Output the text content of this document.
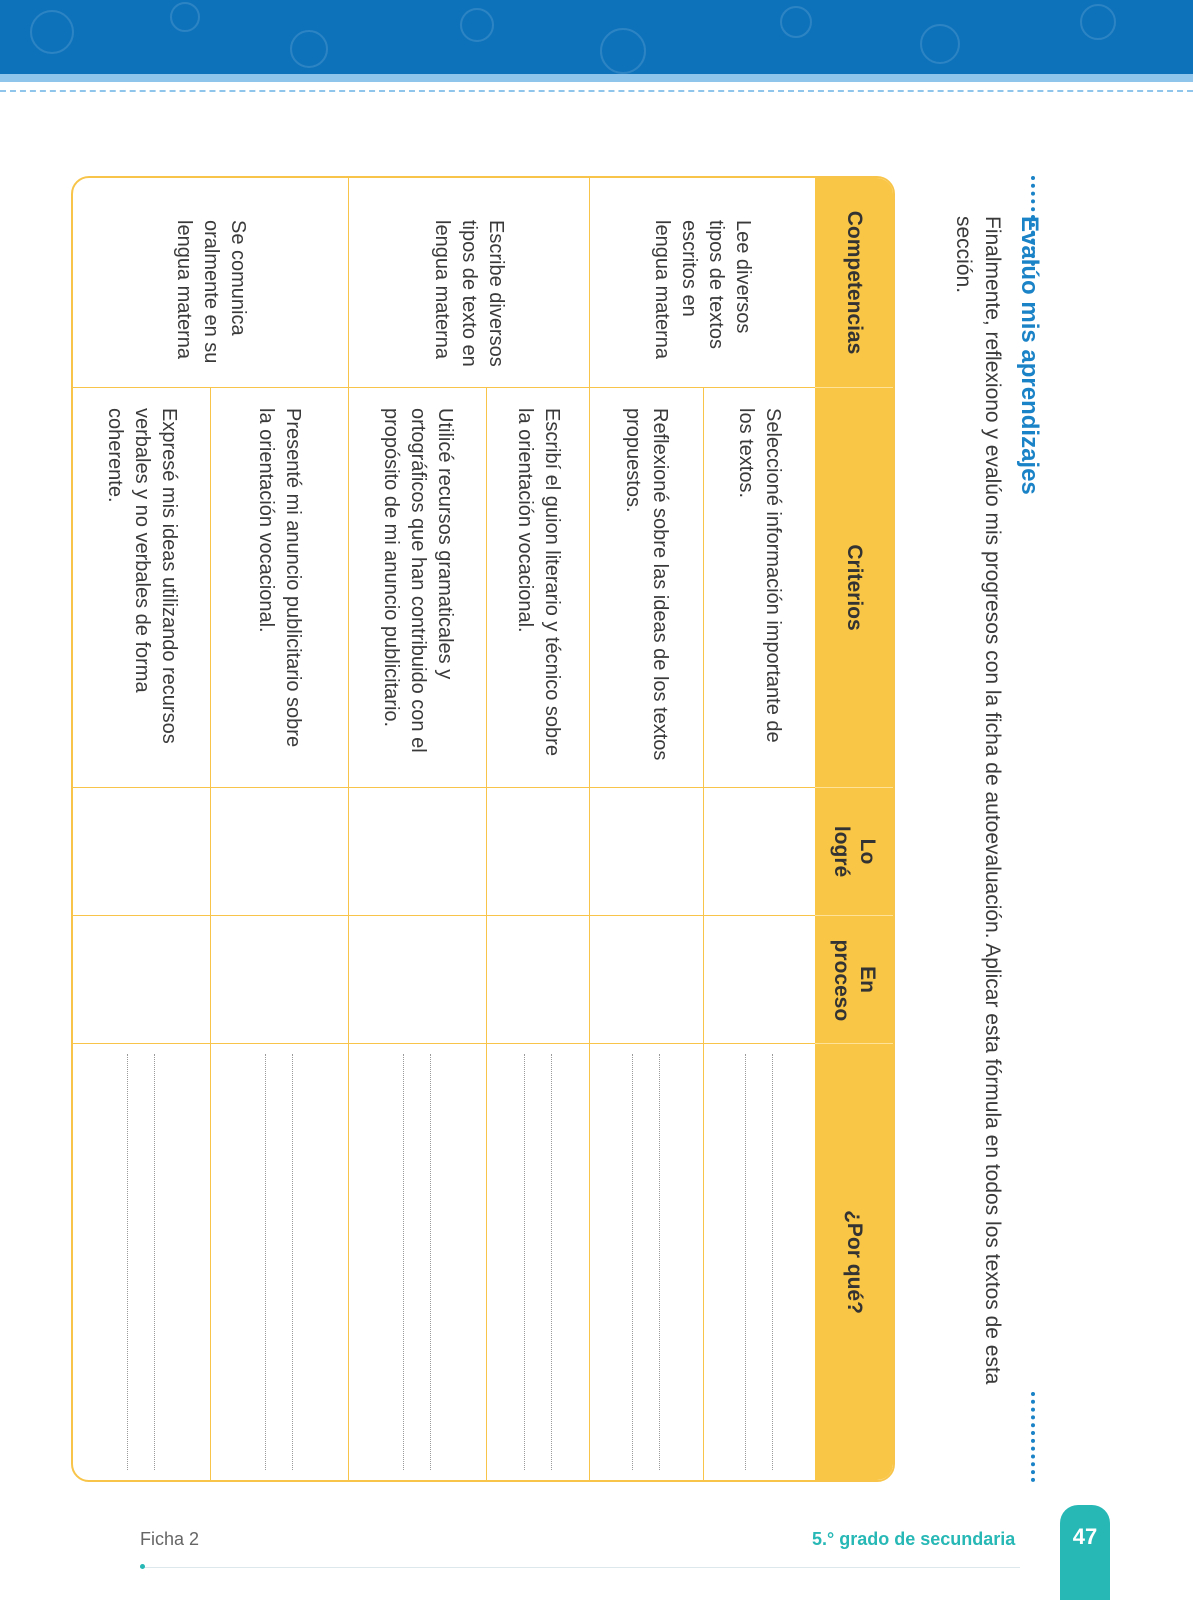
Evalúo mis aprendizajes

Finalmente, reflexiono y evalúo mis progresos con la ficha de autoevaluación. Aplicar esta fórmula en todos los textos de esta sección.

Competencias	Criterios	Lo logré	En proceso	¿Por qué?
Lee diversos tipos de textos escritos en lengua materna	Seleccioné información importante de los textos.			

	Reflexioné sobre las ideas de los textos propuestos.			

Escribe diversos tipos de texto en lengua materna	Escribí el guion literario y técnico sobre la orientación vocacional.			

	Utilicé recursos gramaticales y ortográficos que han contribuido con el propósito de mi anuncio publicitario.			

Se comunica oralmente en su lengua materna	Presenté mi anuncio publicitario sobre la orientación vocacional.			

	Expresé mis ideas utilizando recursos verbales y no verbales de forma coherente.			
Ficha 2	5.° grado de secundaria	47
